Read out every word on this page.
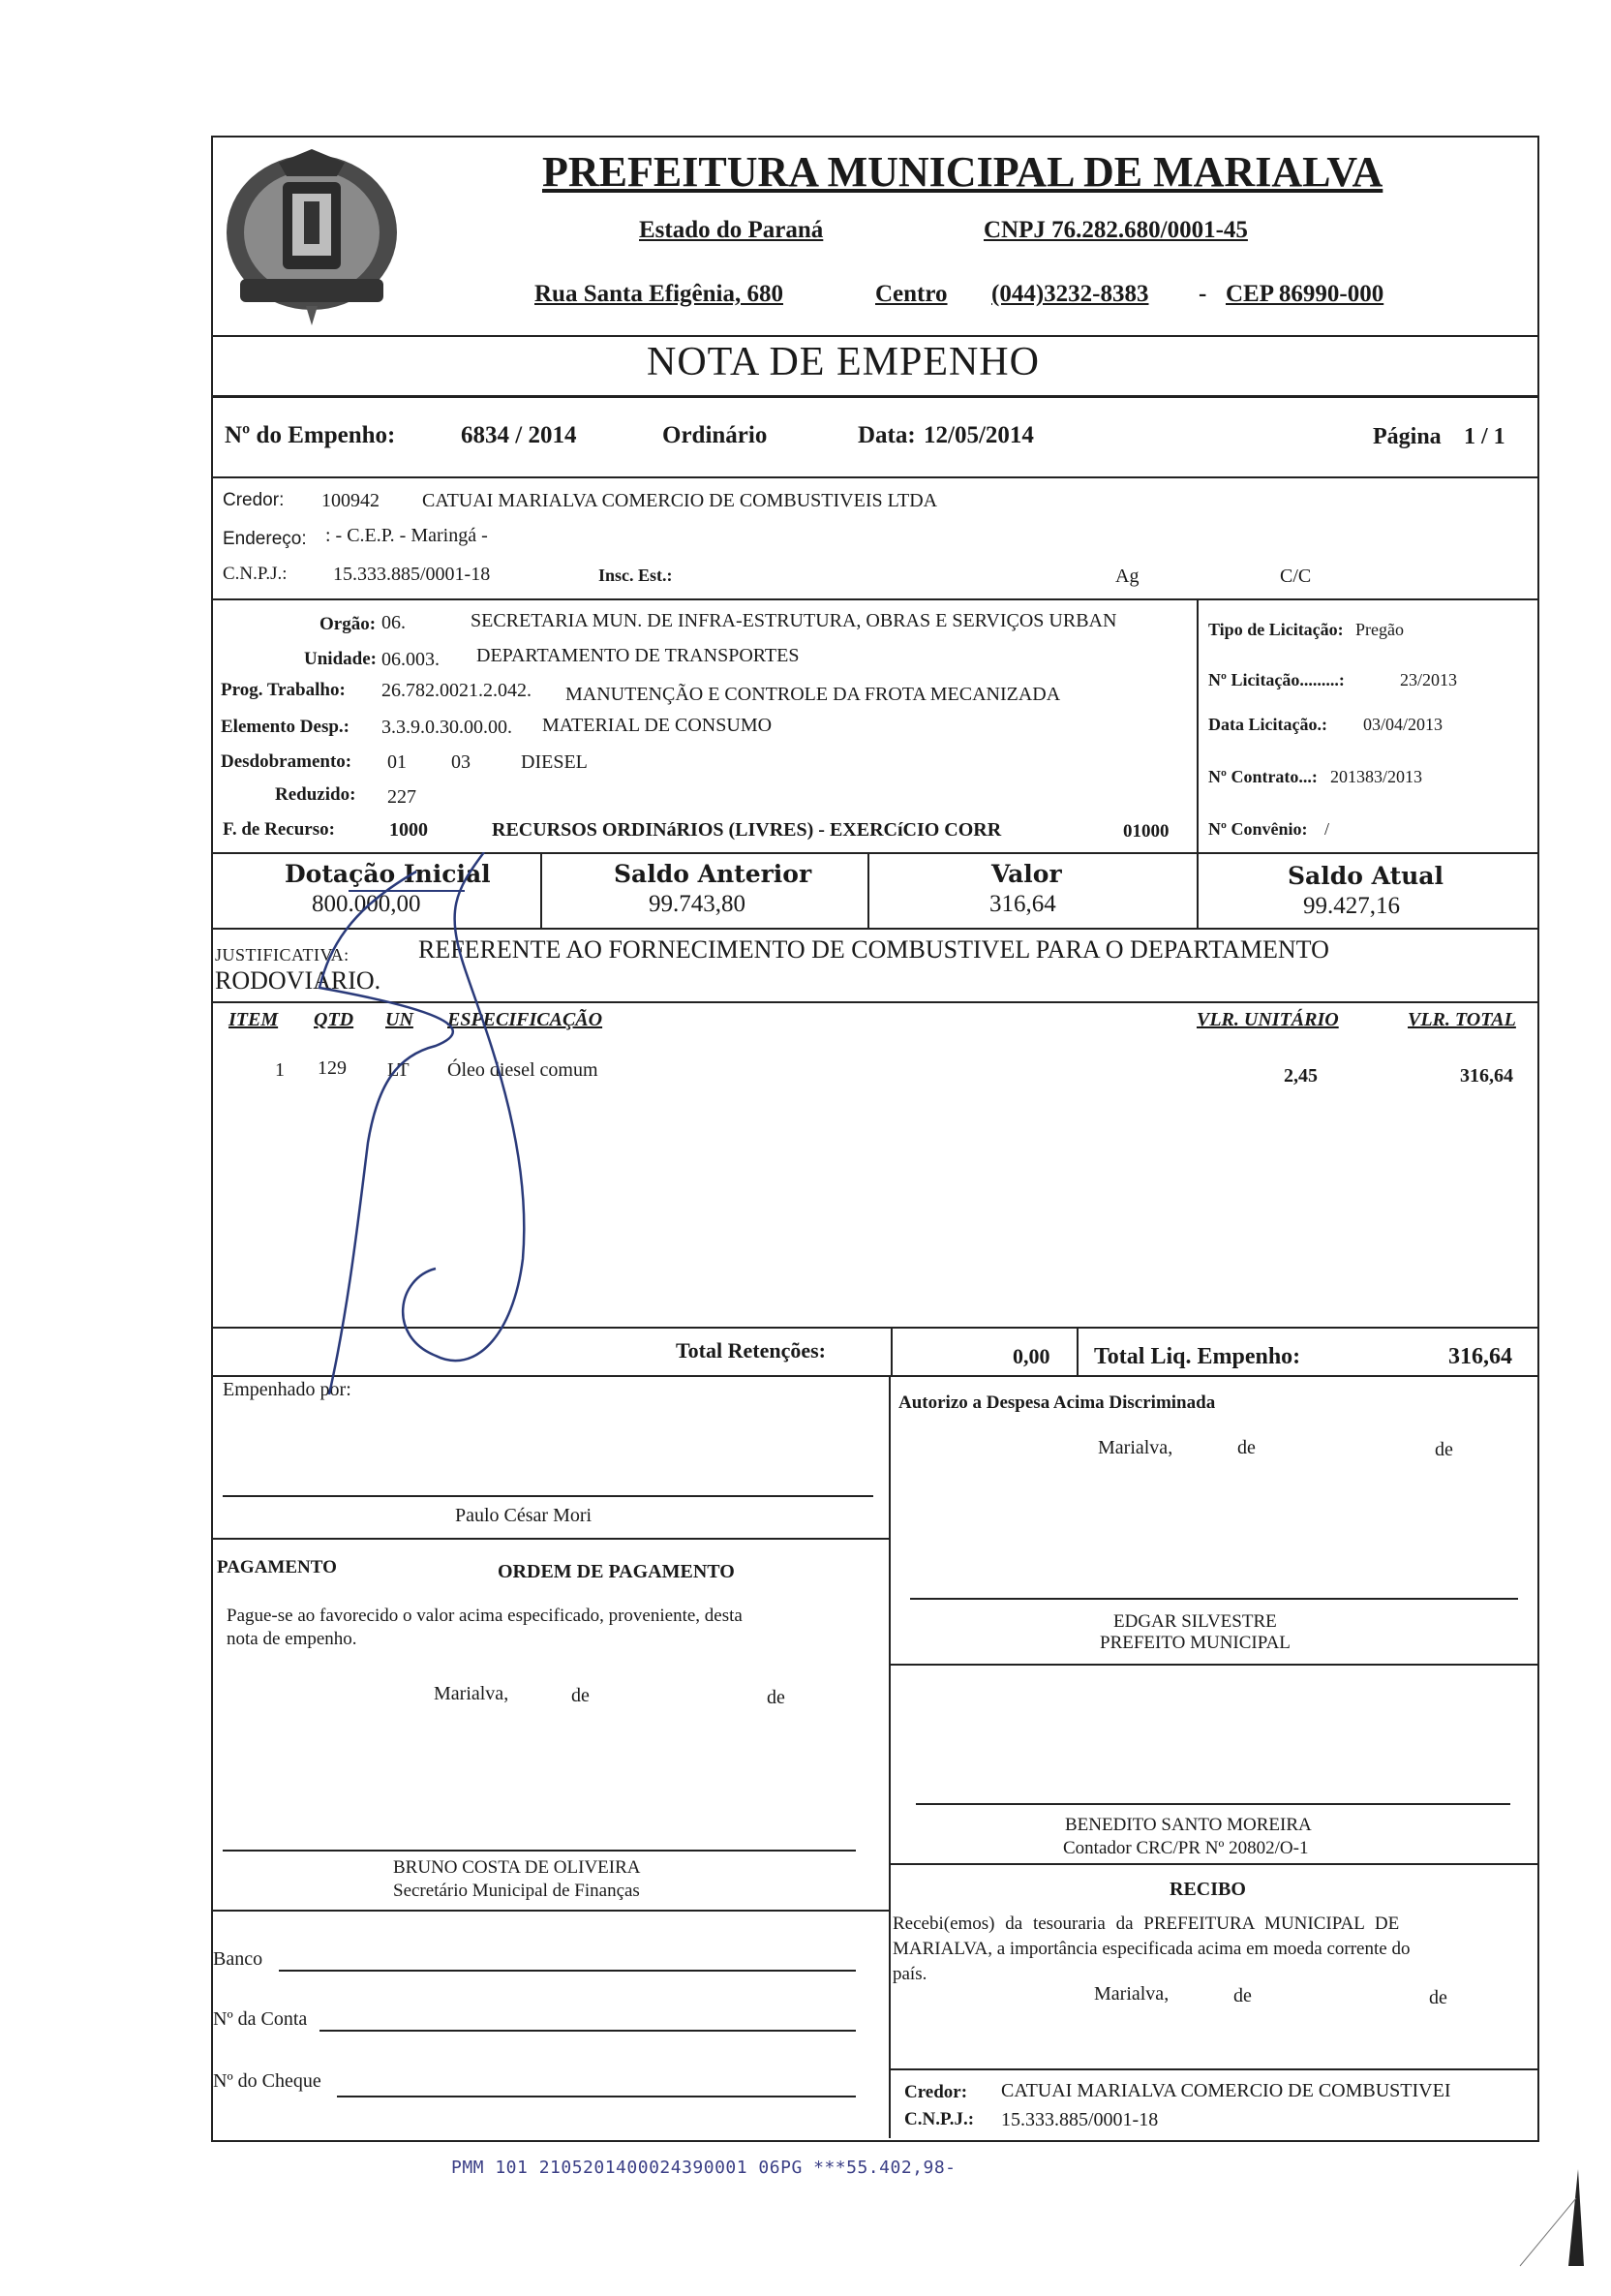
PREFEITURA MUNICIPAL DE MARIALVA
Estado do Paraná	CNPJ 76.282.680/0001-45
Rua Santa Efigênia, 680	Centro (044)3232-8383 - CEP 86990-000
NOTA DE EMPENHO
Nº do Empenho:	6834 / 2014	Ordinário	Data: 12/05/2014	Página 1 / 1
Credor: 100942 CATUAI MARIALVA COMERCIO DE COMBUSTIVEIS LTDA
Endereço: : - C.E.P. - Maringá -
C.N.P.J.: 15.333.885/0001-18	Insc. Est.:	Ag	C/C
Orgão: 06.	SECRETARIA MUN. DE INFRA-ESTRUTURA, OBRAS E SERVIÇOS URBAN
Unidade: 06.003. DEPARTAMENTO DE TRANSPORTES
Prog. Trabalho: 26.782.0021.2.042. MANUTENÇÃO E CONTROLE DA FROTA MECANIZADA
Elemento Desp.: 3.3.9.0.30.00.00. MATERIAL DE CONSUMO
Desdobramento: 01 03	DIESEL
Reduzido: 227
F. de Recurso:	1000	RECURSOS ORDINáRIOS (LIVRES) - EXERCíCIO CORR	01000
Tipo de Licitação: Pregão
Nº Licitação.........:	23/2013
Data Licitação.: 03/04/2013
Nº Contrato...: 201383/2013
Nº Convênio: /
Dotação Inicial
800.000,00
Saldo Anterior
99.743,80
Valor
316,64
Saldo Atual
99.427,16
JUSTIFICATIVA:	REFERENTE AO FORNECIMENTO DE COMBUSTIVEL PARA O DEPARTAMENTO
RODOVIARIO.
ITEM QTD UN ESPECIFICAÇÃO	VLR. UNITÁRIO	VLR. TOTAL
1 129 LT Óleo diesel comum	2,45	316,64
Total Retenções:	0,00 Total Liq. Empenho:	316,64
Empenhado por:
Paulo César Mori
Autorizo a Despesa Acima Discriminada
Marialva,	de	de
EDGAR SILVESTRE
PREFEITO MUNICIPAL
PAGAMENTO	ORDEM DE PAGAMENTO
Pague-se ao favorecido o valor acima especificado, proveniente, desta
nota de empenho.
Marialva,	de	de
BRUNO COSTA DE OLIVEIRA
Secretário Municipal de Finanças
BENEDITO SANTO MOREIRA
Contador CRC/PR Nº 20802/O-1
RECIBO
Recebi(emos) da tesouraria da PREFEITURA MUNICIPAL DE
MARIALVA, a importância especificada acima em moeda corrente do
país.
Marialva,	de	de
Credor: CATUAI MARIALVA COMERCIO DE COMBUSTIVEI
C.N.P.J.: 15.333.885/0001-18
Banco
Nº da Conta
Nº do Cheque
PMM 101 2105201400024390001 06PG ***55.402,98-
